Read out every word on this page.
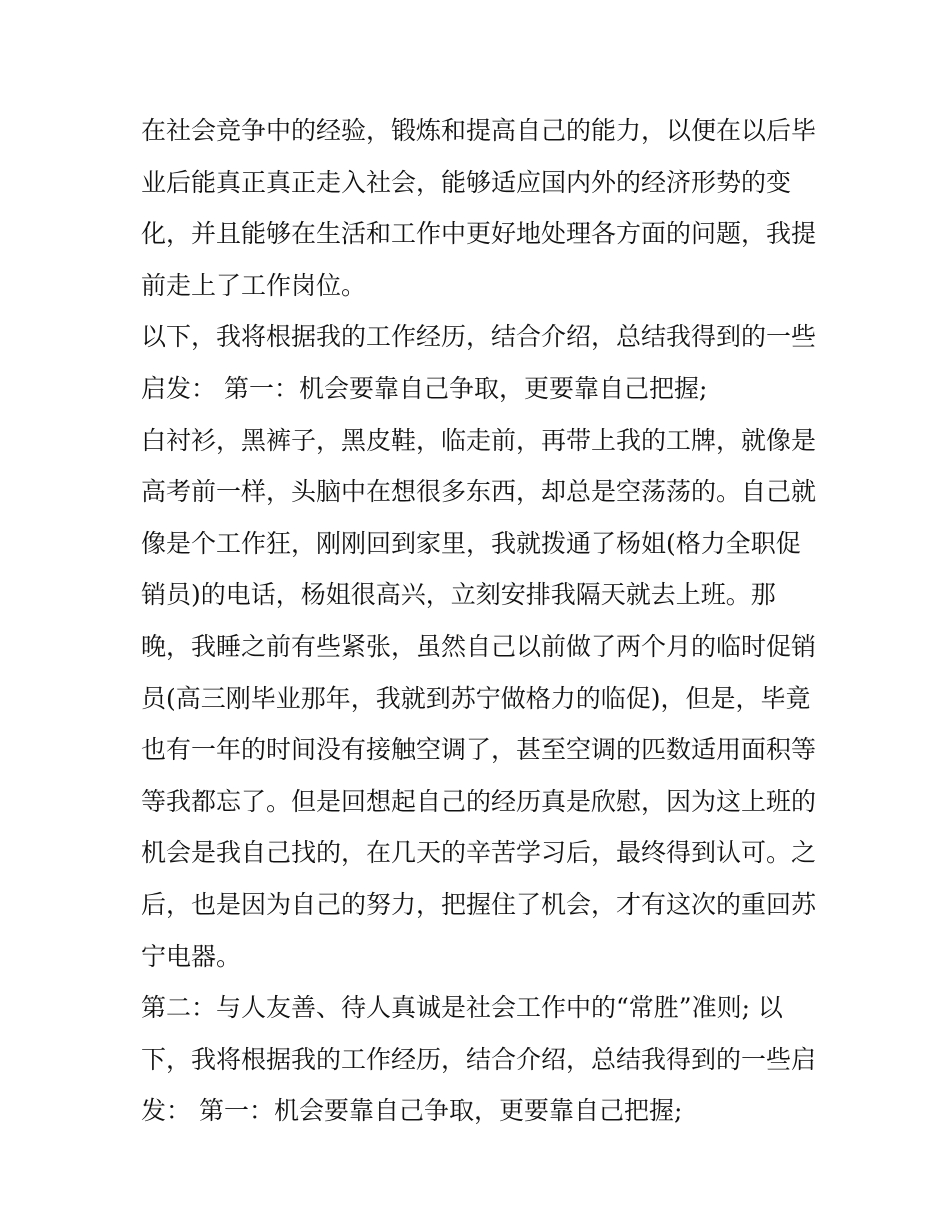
在社会竞争中的经验，锻炼和提高自己的能力，以便在以后毕
业后能真正真正走入社会，能够适应国内外的经济形势的变
化，并且能够在生活和工作中更好地处理各方面的问题，我提
前走上了工作岗位。
以下，我将根据我的工作经历，结合介绍，总结我得到的一些
启发： 第一：机会要靠自己争取，更要靠自己把握;
白衬衫，黑裤子，黑皮鞋，临走前，再带上我的工牌，就像是
高考前一样，头脑中在想很多东西，却总是空荡荡的。自己就
像是个工作狂，刚刚回到家里，我就拨通了杨姐(格力全职促
销员)的电话，杨姐很高兴，立刻安排我隔天就去上班。那
晚，我睡之前有些紧张，虽然自己以前做了两个月的临时促销
员(高三刚毕业那年，我就到苏宁做格力的临促)，但是，毕竟
也有一年的时间没有接触空调了，甚至空调的匹数适用面积等
等我都忘了。但是回想起自己的经历真是欣慰，因为这上班的
机会是我自己找的，在几天的辛苦学习后，最终得到认可。之
后，也是因为自己的努力，把握住了机会，才有这次的重回苏
宁电器。
第二：与人友善、待人真诚是社会工作中的“常胜”准则; 以
下，我将根据我的工作经历，结合介绍，总结我得到的一些启
发： 第一：机会要靠自己争取，更要靠自己把握;
